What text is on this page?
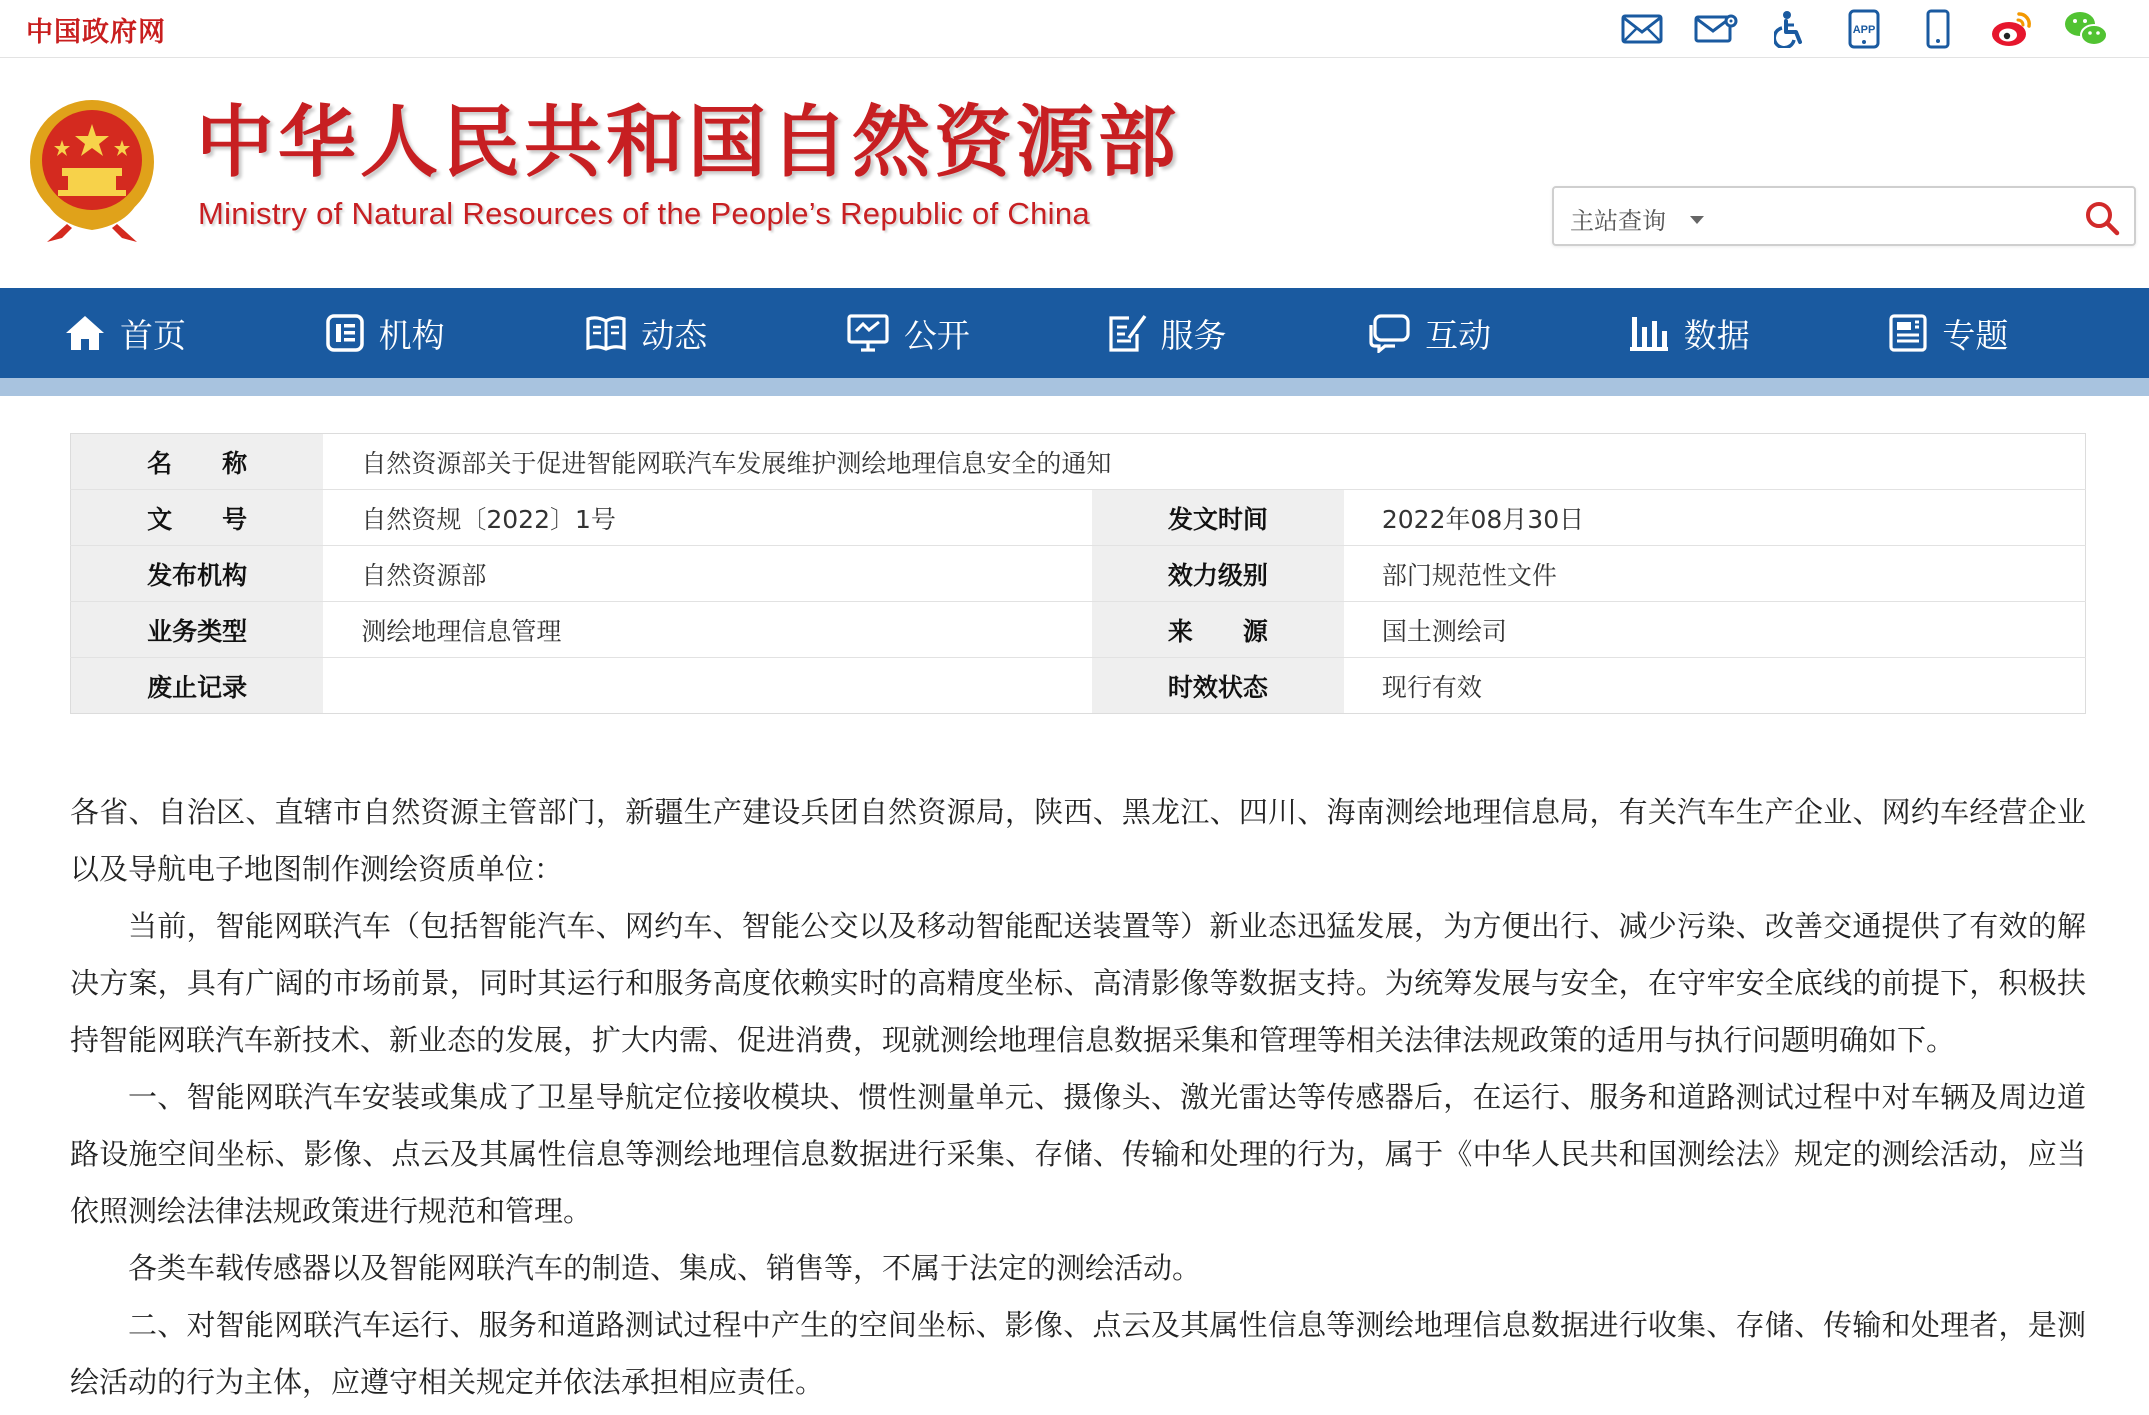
中国政府网	APP
中华人民共和国自然资源部
Ministry of Natural Resources of the People’s Republic of China	主站查询
首页	机构	动态	公开	服务	互动	数据	专题
名　　称	自然资源部关于促进智能网联汽车发展维护测绘地理信息安全的通知		
文　　号	自然资规〔2022〕1号	发文时间	2022年08月30日
发布机构	自然资源部	效力级别	部门规范性文件
业务类型	测绘地理信息管理	来　　源	国土测绘司
废止记录		时效状态	现行有效

各省、自治区、直辖市自然资源主管部门，新疆生产建设兵团自然资源局，陕西、黑龙江、四川、海南测绘地理信息局，有关汽车生产企业、网约车经营企业以及导航电子地图制作测绘资质单位：

当前，智能网联汽车（包括智能汽车、网约车、智能公交以及移动智能配送装置等）新业态迅猛发展，为方便出行、减少污染、改善交通提供了有效的解决方案，具有广阔的市场前景，同时其运行和服务高度依赖实时的高精度坐标、高清影像等数据支持。为统筹发展与安全，在守牢安全底线的前提下，积极扶持智能网联汽车新技术、新业态的发展，扩大内需、促进消费，现就测绘地理信息数据采集和管理等相关法律法规政策的适用与执行问题明确如下。

一、智能网联汽车安装或集成了卫星导航定位接收模块、惯性测量单元、摄像头、激光雷达等传感器后，在运行、服务和道路测试过程中对车辆及周边道路设施空间坐标、影像、点云及其属性信息等测绘地理信息数据进行采集、存储、传输和处理的行为，属于《中华人民共和国测绘法》规定的测绘活动，应当依照测绘法律法规政策进行规范和管理。

各类车载传感器以及智能网联汽车的制造、集成、销售等，不属于法定的测绘活动。

二、对智能网联汽车运行、服务和道路测试过程中产生的空间坐标、影像、点云及其属性信息等测绘地理信息数据进行收集、存储、传输和处理者，是测绘活动的行为主体，应遵守相关规定并依法承担相应责任。
